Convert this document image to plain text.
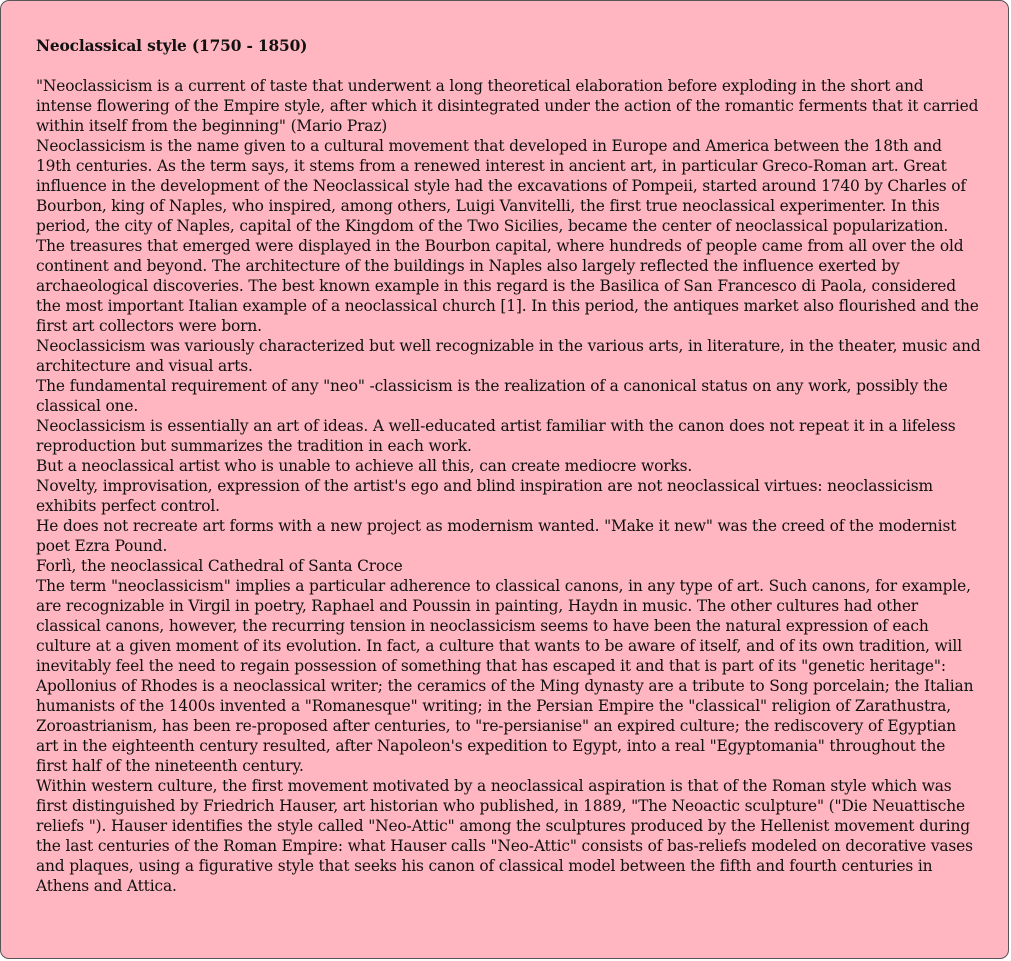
Neoclassical style (1750 - 1850)

"Neoclassicism is a current of taste that underwent a long theoretical elaboration before exploding in the short and intense flowering of the Empire style, after which it disintegrated under the action of the romantic ferments that it carried within itself from the beginning" (Mario Praz)

Neoclassicism is the name given to a cultural movement that developed in Europe and America between the 18th and 19th centuries. As the term says, it stems from a renewed interest in ancient art, in particular Greco-Roman art. Great influence in the development of the Neoclassical style had the excavations of Pompeii, started around 1740 by Charles of Bourbon, king of Naples, who inspired, among others, Luigi Vanvitelli, the first true neoclassical experimenter. In this period, the city of Naples, capital of the Kingdom of the Two Sicilies, became the center of neoclassical popularization. The treasures that emerged were displayed in the Bourbon capital, where hundreds of people came from all over the old continent and beyond. The architecture of the buildings in Naples also largely reflected the influence exerted by archaeological discoveries. The best known example in this regard is the Basilica of San Francesco di Paola, considered the most important Italian example of a neoclassical church [1]. In this period, the antiques market also flourished and the first art collectors were born.

Neoclassicism was variously characterized but well recognizable in the various arts, in literature, in the theater, music and architecture and visual arts.

The fundamental requirement of any "neo" -classicism is the realization of a canonical status on any work, possibly the classical one.

Neoclassicism is essentially an art of ideas. A well-educated artist familiar with the canon does not repeat it in a lifeless reproduction but summarizes the tradition in each work.

But a neoclassical artist who is unable to achieve all this, can create mediocre works.

Novelty, improvisation, expression of the artist's ego and blind inspiration are not neoclassical virtues: neoclassicism exhibits perfect control.

He does not recreate art forms with a new project as modernism wanted. "Make it new" was the creed of the modernist poet Ezra Pound.

Forlì, the neoclassical Cathedral of Santa Croce

The term "neoclassicism" implies a particular adherence to classical canons, in any type of art. Such canons, for example, are recognizable in Virgil in poetry, Raphael and Poussin in painting, Haydn in music. The other cultures had other classical canons, however, the recurring tension in neoclassicism seems to have been the natural expression of each culture at a given moment of its evolution. In fact, a culture that wants to be aware of itself, and of its own tradition, will inevitably feel the need to regain possession of something that has escaped it and that is part of its "genetic heritage": Apollonius of Rhodes is a neoclassical writer; the ceramics of the Ming dynasty are a tribute to Song porcelain; the Italian humanists of the 1400s invented a "Romanesque" writing; in the Persian Empire the "classical" religion of Zarathustra, Zoroastrianism, has been re-proposed after centuries, to "re-persianise" an expired culture; the rediscovery of Egyptian art in the eighteenth century resulted, after Napoleon's expedition to Egypt, into a real "Egyptomania" throughout the first half of the nineteenth century.

Within western culture, the first movement motivated by a neoclassical aspiration is that of the Roman style which was first distinguished by Friedrich Hauser, art historian who published, in 1889, "The Neoactic sculpture" ("Die Neuattische reliefs "). Hauser identifies the style called "Neo-Attic" among the sculptures produced by the Hellenist movement during the last centuries of the Roman Empire: what Hauser calls "Neo-Attic" consists of bas-reliefs modeled on decorative vases and plaques, using a figurative style that seeks his canon of classical model between the fifth and fourth centuries in Athens and Attica.
